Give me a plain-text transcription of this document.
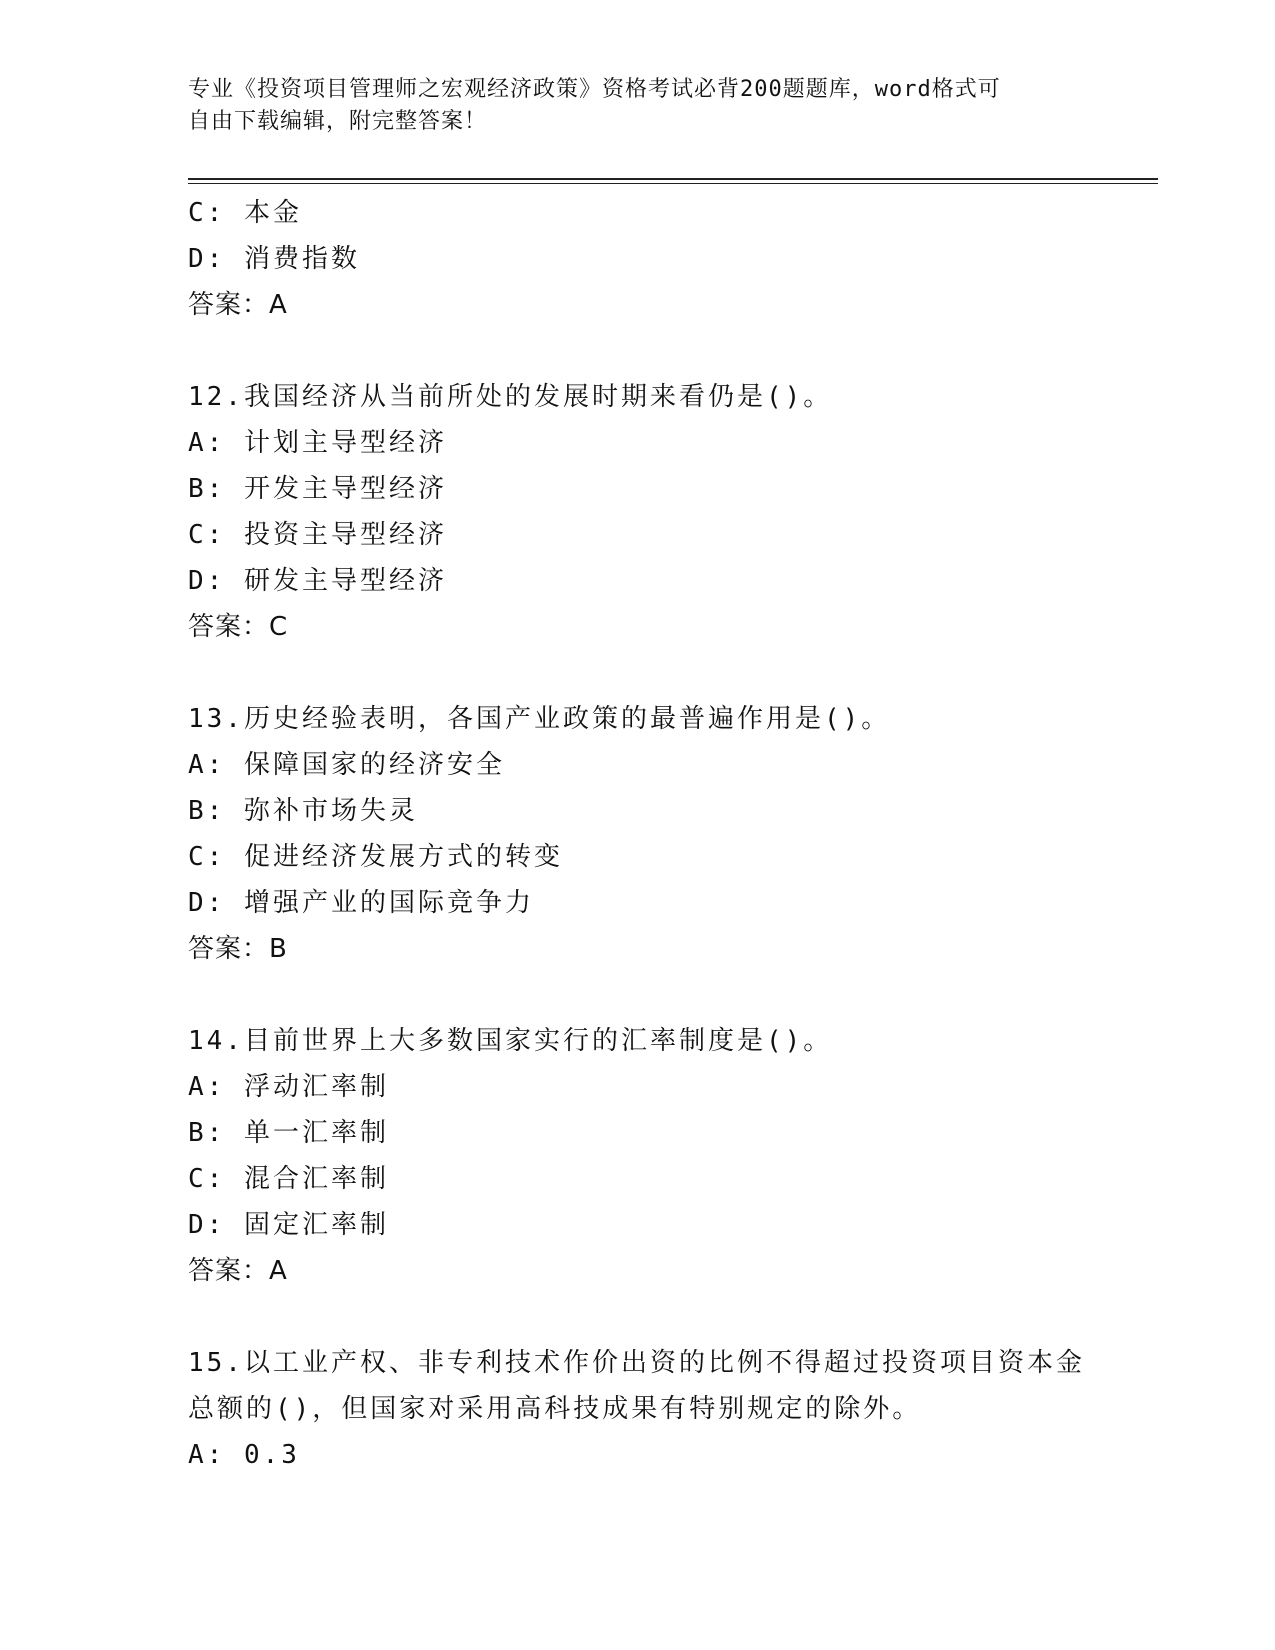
专业《投资项目管理师之宏观经济政策》资格考试必背200题题库，word格式可
自由下载编辑，附完整答案！
C: 本金
D: 消费指数
答案：A
12.我国经济从当前所处的发展时期来看仍是()。
A: 计划主导型经济
B: 开发主导型经济
C: 投资主导型经济
D: 研发主导型经济
答案：C
13.历史经验表明，各国产业政策的最普遍作用是()。
A: 保障国家的经济安全
B: 弥补市场失灵
C: 促进经济发展方式的转变
D: 增强产业的国际竞争力
答案：B
14.目前世界上大多数国家实行的汇率制度是()。
A: 浮动汇率制
B: 单一汇率制
C: 混合汇率制
D: 固定汇率制
答案：A
15.以工业产权、非专利技术作价出资的比例不得超过投资项目资本金
总额的()，但国家对采用高科技成果有特别规定的除外。
A: 0.3
